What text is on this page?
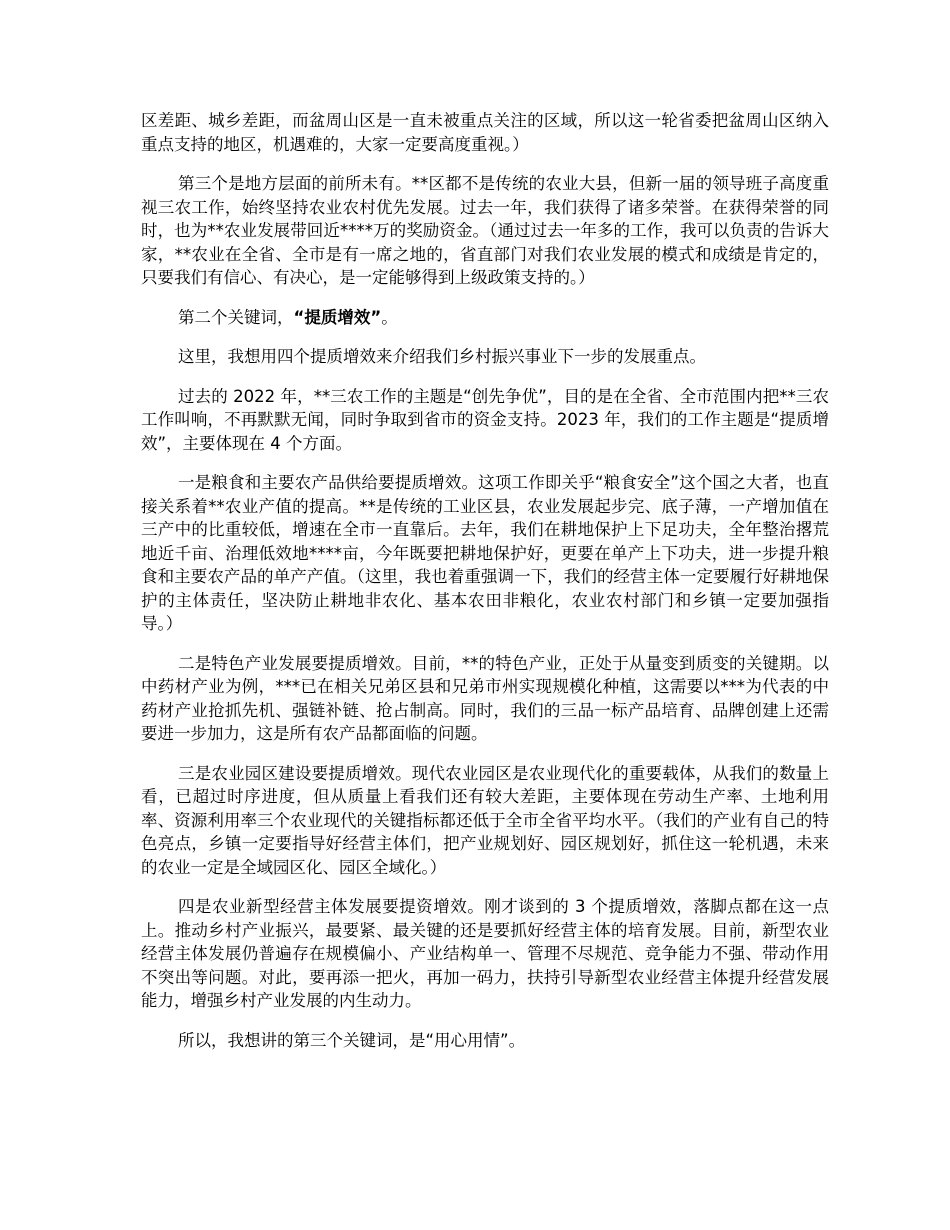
区差距、城乡差距，而盆周山区是一直未被重点关注的区域，所以这一轮省委把盆周山区纳入重点支持的地区，机遇难的，大家一定要高度重视。）

第三个是地方层面的前所未有。**区都不是传统的农业大县，但新一届的领导班子高度重视三农工作，始终坚持农业农村优先发展。过去一年，我们获得了诸多荣誉。在获得荣誉的同时，也为**农业发展带回近****万的奖励资金。（通过过去一年多的工作，我可以负责的告诉大家，**农业在全省、全市是有一席之地的，省直部门对我们农业发展的模式和成绩是肯定的，只要我们有信心、有决心，是一定能够得到上级政策支持的。）

第二个关键词，“提质增效”。

这里，我想用四个提质增效来介绍我们乡村振兴事业下一步的发展重点。

过去的 2022 年，**三农工作的主题是“创先争优”，目的是在全省、全市范围内把**三农工作叫响，不再默默无闻，同时争取到省市的资金支持。2023 年，我们的工作主题是“提质增效”，主要体现在 4 个方面。

一是粮食和主要农产品供给要提质增效。这项工作即关乎“粮食安全”这个国之大者，也直接关系着**农业产值的提高。**是传统的工业区县，农业发展起步完、底子薄，一产增加值在三产中的比重较低，增速在全市一直靠后。去年，我们在耕地保护上下足功夫，全年整治撂荒地近千亩、治理低效地****亩，今年既要把耕地保护好，更要在单产上下功夫，进一步提升粮食和主要农产品的单产产值。（这里，我也着重强调一下，我们的经营主体一定要履行好耕地保护的主体责任，坚决防止耕地非农化、基本农田非粮化，农业农村部门和乡镇一定要加强指导。）

二是特色产业发展要提质增效。目前，**的特色产业，正处于从量变到质变的关键期。以中药材产业为例，***已在相关兄弟区县和兄弟市州实现规模化种植，这需要以***为代表的中药材产业抢抓先机、强链补链、抢占制高。同时，我们的三品一标产品培育、品牌创建上还需要进一步加力，这是所有农产品都面临的问题。

三是农业园区建设要提质增效。现代农业园区是农业现代化的重要载体，从我们的数量上看，已超过时序进度，但从质量上看我们还有较大差距，主要体现在劳动生产率、土地利用率、资源利用率三个农业现代的关键指标都还低于全市全省平均水平。（我们的产业有自己的特色亮点，乡镇一定要指导好经营主体们，把产业规划好、园区规划好，抓住这一轮机遇，未来的农业一定是全域园区化、园区全域化。）

四是农业新型经营主体发展要提资增效。刚才谈到的 3 个提质增效，落脚点都在这一点上。推动乡村产业振兴，最要紧、最关键的还是要抓好经营主体的培育发展。目前，新型农业经营主体发展仍普遍存在规模偏小、产业结构单一、管理不尽规范、竞争能力不强、带动作用不突出等问题。对此，要再添一把火，再加一码力，扶持引导新型农业经营主体提升经营发展能力，增强乡村产业发展的内生动力。

所以，我想讲的第三个关键词，是“用心用情”。
